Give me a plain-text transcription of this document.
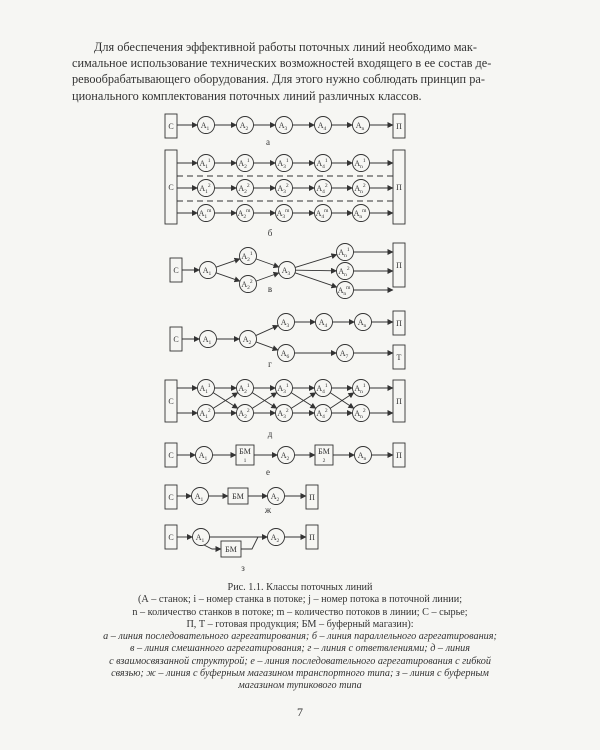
Для обеспечения эффективной работы поточных линий необходимо мак-
симальное использование технических возможностей входящего в ее состав де-
ревообрабатывающего оборудования. Для этого нужно соблюдать принцип ра-
ционального комплектования поточных линий различных классов.
С	П
$A_1$	$A_2$	$A_3$	$A_4$	$A_n$
а
С	П
$A_1^1$	$A_2^1$	$A_3^1$	$A_4^1$	$A_n^1$
$A_1^2$	$A_2^2$	$A_3^2$	$A_4^2$	$A_n^2$
$A_1^m$	$A_2^m$	$A_3^m$	$A_4^m$	$A_n^m$
б
С
П
$A_1$
$A_2^1$
$A_2^2$
$A_3$
$A_n^1$
$A_n^2$
$A_n^m$
в
С
П
Т
$A_1$	$A_2$
$A_3$	$A_4$	$A_n$
$A_6$	$A_7$
г
С	П
$A_1^1$	$A_2^1$	$A_3^1$	$A_4^1$	$A_n^1$
$A_1^2$	$A_2^2$	$A_3^2$	$A_4^2$	$A_n^2$
д
С	П
$A_1$
БМ
1
$A_2$
БМ
2
$A_n$
е
С	П
$A_1$	БМ	$A_2$
ж
С	П
$A_1$	$A_2$
БМ
з
Рис. 1.1. Классы поточных линий
(А – станок; i – номер станка в потоке; j – номер потока в поточной линии;
n – количество станков в потоке; m – количество потоков в линии; С – сырье;
П, Т – готовая продукция; БМ – буферный магазин):
а – линия последовательного агрегатирования; б – линия параллельного агрегатирования;
в – линия смешанного агрегатирования; г – линия с ответвлениями; д – линия
с взаимосвязанной структурой; е – линия последовательного агрегатирования с гибкой
связью; ж – линия с буферным магазином транспортного типа; з – линия с буферным
магазином тупикового типа
7
